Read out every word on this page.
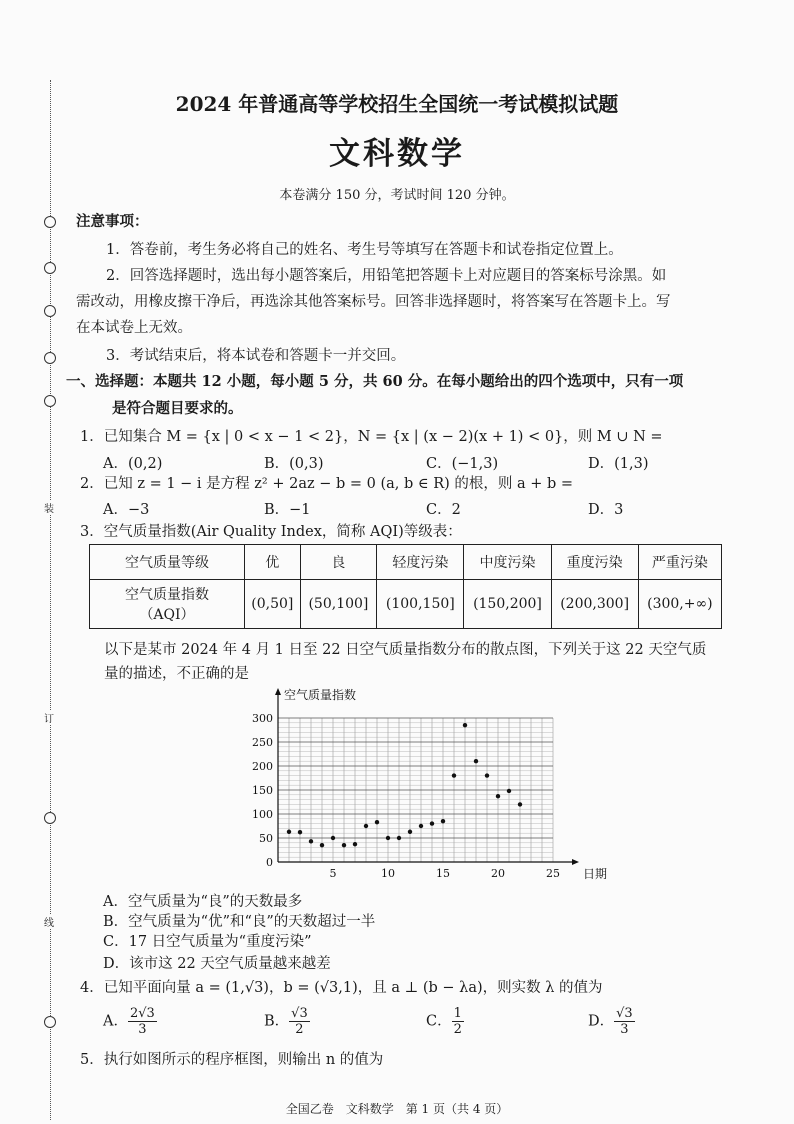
装
订
线
2024 年普通高等学校招生全国统一考试模拟试题
文科数学
本卷满分 150 分，考试时间 120 分钟。
注意事项：
1．答卷前，考生务必将自己的姓名、考生号等填写在答题卡和试卷指定位置上。
2．回答选择题时，选出每小题答案后，用铅笔把答题卡上对应题目的答案标号涂黑。如
需改动，用橡皮擦干净后，再选涂其他答案标号。回答非选择题时，将答案写在答题卡上。写
在本试卷上无效。
3．考试结束后，将本试卷和答题卡一并交回。
一、选择题：本题共 12 小题，每小题 5 分，共 60 分。在每小题给出的四个选项中，只有一项
是符合题目要求的。
1．已知集合 M = {x | 0 < x − 1 < 2}，N = {x | (x − 2)(x + 1) < 0}，则 M ∪ N =
A．(0,2)	B．(0,3)	C．(−1,3)	D．(1,3)
2．已知 z = 1 − i 是方程 z² + 2az − b = 0 (a, b ∈ R) 的根，则 a + b =
A．−3	B．−1	C．2	D．3
3．空气质量指数(Air Quality Index，简称 AQI)等级表：
空气质量等级	优	良	轻度污染	中度污染	重度污染	严重污染
空气质量指数
（AQI）	(0,50]	(50,100]	(100,150]	(150,200]	(200,300]	(300,+∞)
以下是某市 2024 年 4 月 1 日至 22 日空气质量指数分布的散点图，下列关于这 22 天空气质
量的描述，不正确的是
0
50
100
150
200
250
300
5	10	15	20	25
空气质量指数
日期
A．空气质量为“良”的天数最多
B．空气质量为“优”和“良”的天数超过一半
C．17 日空气质量为“重度污染”
D．该市这 22 天空气质量越来越差
4．已知平面向量 a = (1,√3)，b = (√3,1)，且 a ⊥ (b − λa)，则实数 λ 的值为
A． $\frac{2√3}{3}$	B． $\frac{√3}{2}$	C． $\frac{1}{2}$	D． $\frac{√3}{3}$
5．执行如图所示的程序框图，则输出 n 的值为
全国乙卷　文科数学　第 1 页（共 4 页）
